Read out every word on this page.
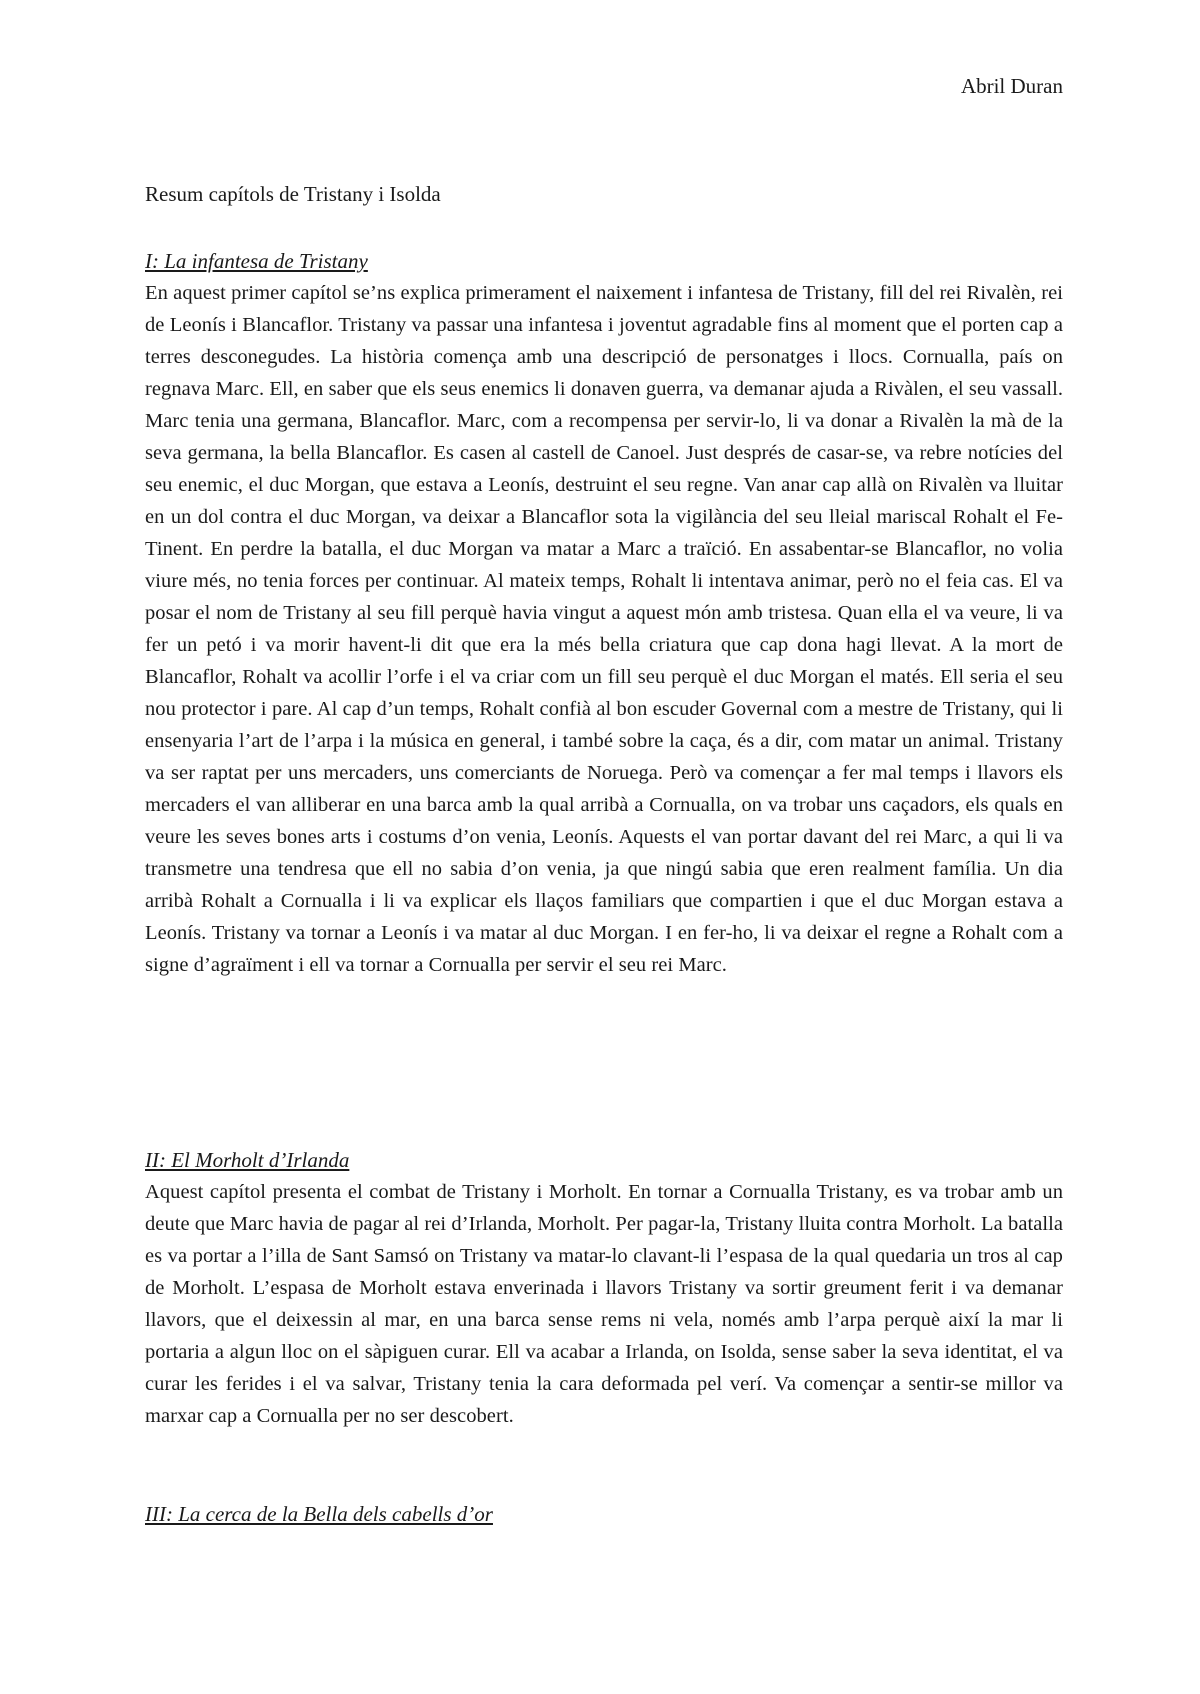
Abril Duran

Resum capítols de Tristany i Isolda
I: La infantesa de Tristany

En aquest primer capítol se’ns explica primerament el naixement i infantesa de Tristany, fill del rei Rivalèn, rei de Leonís i Blancaflor. Tristany va passar una infantesa i joventut agradable fins al moment que el porten cap a terres desconegudes. La història comença amb una descripció de personatges i llocs. Cornualla, país on regnava Marc. Ell, en saber que els seus enemics li donaven guerra, va demanar ajuda a Rivàlen, el seu vassall. Marc tenia una germana, Blancaflor. Marc, com a recompensa per servir-lo, li va donar a Rivalèn la mà de la seva germana, la bella Blancaflor. Es casen al castell de Canoel. Just després de casar-se, va rebre notícies del seu enemic, el duc Morgan, que estava a Leonís, destruint el seu regne. Van anar cap allà on Rivalèn va lluitar en un dol contra el duc Morgan, va deixar a Blancaflor sota la vigilància del seu lleial mariscal Rohalt el Fe-Tinent. En perdre la batalla, el duc Morgan va matar a Marc a traïció. En assabentar-se Blancaflor, no volia viure més, no tenia forces per continuar. Al mateix temps, Rohalt li intentava animar, però no el feia cas. El va posar el nom de Tristany al seu fill perquè havia vingut a aquest món amb tristesa. Quan ella el va veure, li va fer un petó i va morir havent-li dit que era la més bella criatura que cap dona hagi llevat. A la mort de Blancaflor, Rohalt va acollir l’orfe i el va criar com un fill seu perquè el duc Morgan el matés. Ell seria el seu nou protector i pare. Al cap d’un temps, Rohalt confià al bon escuder Governal com a mestre de Tristany, qui li ensenyaria l’art de l’arpa i la música en general, i també sobre la caça, és a dir, com matar un animal. Tristany va ser raptat per uns mercaders, uns comerciants de Noruega. Però va començar a fer mal temps i llavors els mercaders el van alliberar en una barca amb la qual arribà a Cornualla, on va trobar uns caçadors, els quals en veure les seves bones arts i costums d’on venia, Leonís. Aquests el van portar davant del rei Marc, a qui li va transmetre una tendresa que ell no sabia d’on venia, ja que ningú sabia que eren realment família. Un dia arribà Rohalt a Cornualla i li va explicar els llaços familiars que compartien i que el duc Morgan estava a Leonís. Tristany va tornar a Leonís i va matar al duc Morgan. I en fer-ho, li va deixar el regne a Rohalt com a signe d’agraïment i ell va tornar a Cornualla per servir el seu rei Marc.

II: El Morholt d’Irlanda

Aquest capítol presenta el combat de Tristany i Morholt. En tornar a Cornualla Tristany, es va trobar amb un deute que Marc havia de pagar al rei d’Irlanda, Morholt. Per pagar-la, Tristany lluita contra Morholt. La batalla es va portar a l’illa de Sant Samsó on Tristany va matar-lo clavant-li l’espasa de la qual quedaria un tros al cap de Morholt. L’espasa de Morholt estava enverinada i llavors Tristany va sortir greument ferit i va demanar llavors, que el deixessin al mar, en una barca sense rems ni vela, només amb l’arpa perquè així la mar li portaria a algun lloc on el sàpiguen curar. Ell va acabar a Irlanda, on Isolda, sense saber la seva identitat, el va curar les ferides i el va salvar, Tristany tenia la cara deformada pel verí. Va començar a sentir-se millor va marxar cap a Cornualla per no ser descobert.

III: La cerca de la Bella dels cabells d’or
